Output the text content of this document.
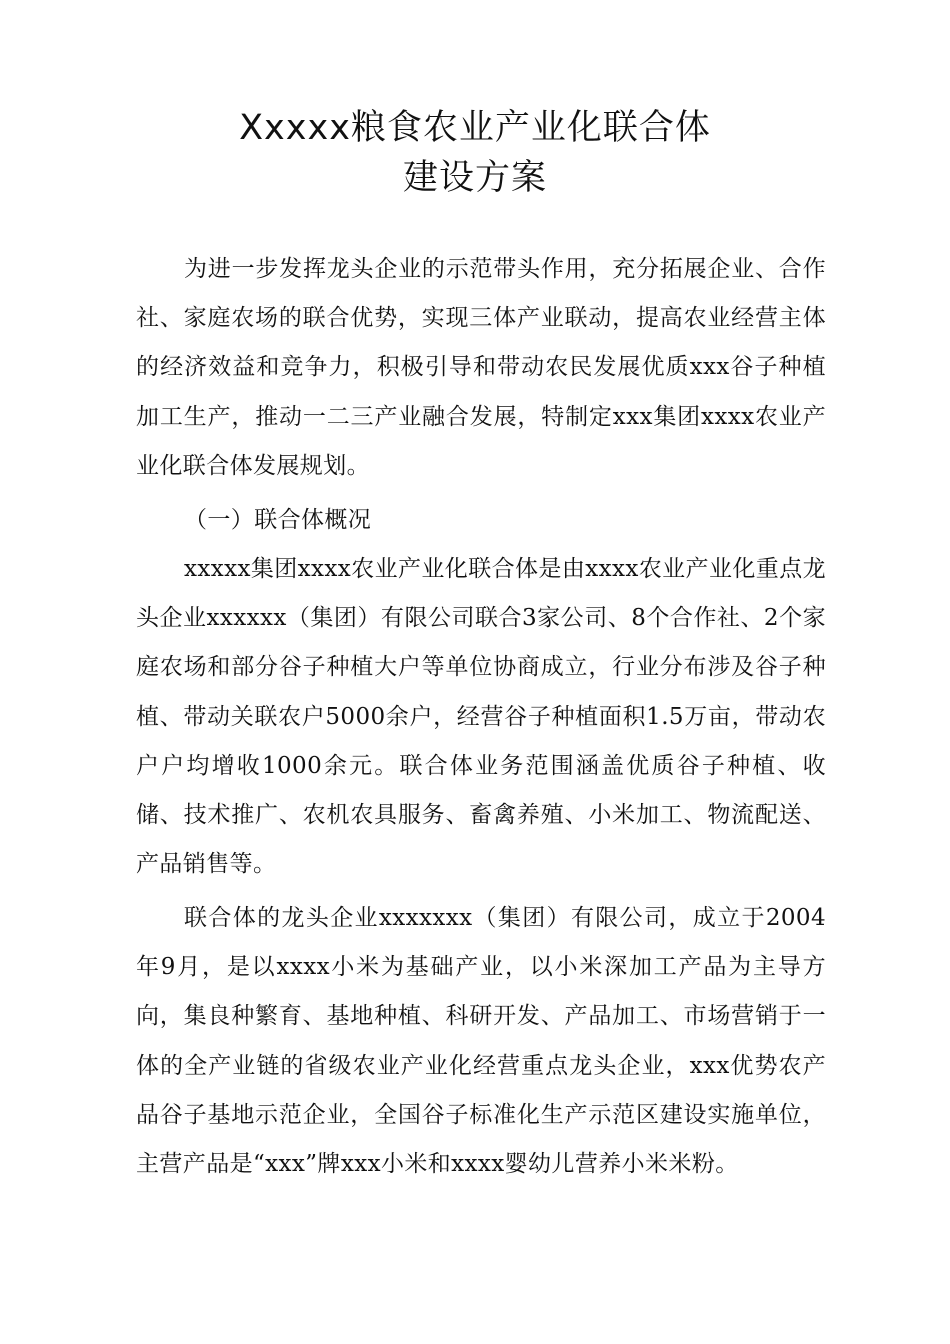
Xxxxx粮食农业产业化联合体
建设方案

为进一步发挥龙头企业的示范带头作用，充分拓展企业、合作社、家庭农场的联合优势，实现三体产业联动，提高农业经营主体的经济效益和竞争力，积极引导和带动农民发展优质xxx谷子种植加工生产，推动一二三产业融合发展，特制定xxx集团xxxx农业产业化联合体发展规划。

（一）联合体概况

xxxxx集团xxxx农业产业化联合体是由xxxx农业产业化重点龙头企业xxxxxx（集团）有限公司联合3家公司、8个合作社、2个家庭农场和部分谷子种植大户等单位协商成立，行业分布涉及谷子种植、带动关联农户5000余户，经营谷子种植面积1.5万亩，带动农户户均增收1000余元。联合体业务范围涵盖优质谷子种植、收储、技术推广、农机农具服务、畜禽养殖、小米加工、物流配送、产品销售等。

联合体的龙头企业xxxxxxx（集团）有限公司，成立于2004年9月，是以xxxx小米为基础产业，以小米深加工产品为主导方向，集良种繁育、基地种植、科研开发、产品加工、市场营销于一体的全产业链的省级农业产业化经营重点龙头企业，xxx优势农产品谷子基地示范企业，全国谷子标准化生产示范区建设实施单位，主营产品是“xxx”牌xxx小米和xxxx婴幼儿营养小米米粉。
